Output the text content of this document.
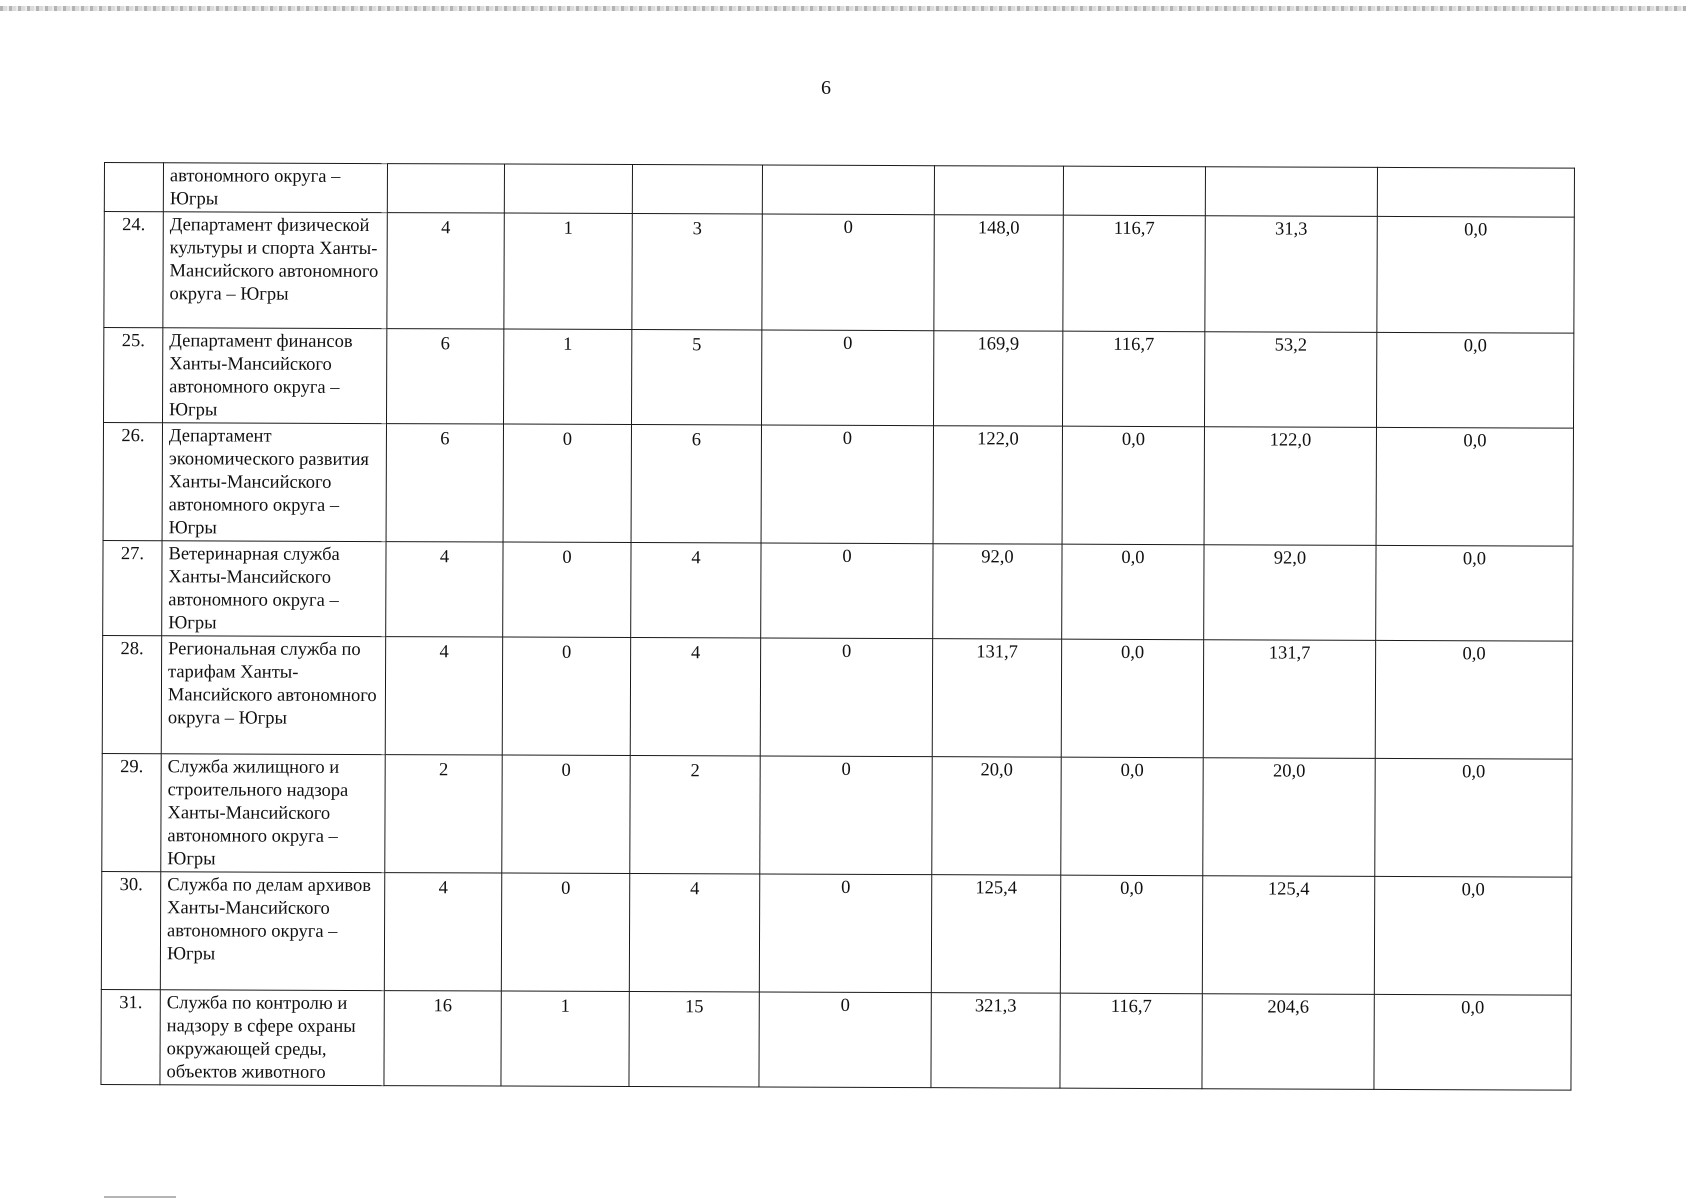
6
	автономного округа – Югры								
24.	Департамент физической культуры и спорта Ханты-Мансийского автономного округа – Югры	4	1	3	0	148,0	116,7	31,3	0,0
25.	Департамент финансов Ханты-Мансийского автономного округа – Югры	6	1	5	0	169,9	116,7	53,2	0,0
26.	Департамент экономического развития Ханты-Мансийского автономного округа – Югры	6	0	6	0	122,0	0,0	122,0	0,0
27.	Ветеринарная служба Ханты-Мансийского автономного округа – Югры	4	0	4	0	92,0	0,0	92,0	0,0
28.	Региональная служба по тарифам Ханты-Мансийского автономного округа – Югры	4	0	4	0	131,7	0,0	131,7	0,0
29.	Служба жилищного и строительного надзора Ханты-Мансийского автономного округа – Югры	2	0	2	0	20,0	0,0	20,0	0,0
30.	Служба по делам архивов Ханты-Мансийского автономного округа – Югры	4	0	4	0	125,4	0,0	125,4	0,0
31.	Служба по контролю и надзору в сфере охраны окружающей среды, объектов животного	16	1	15	0	321,3	116,7	204,6	0,0
